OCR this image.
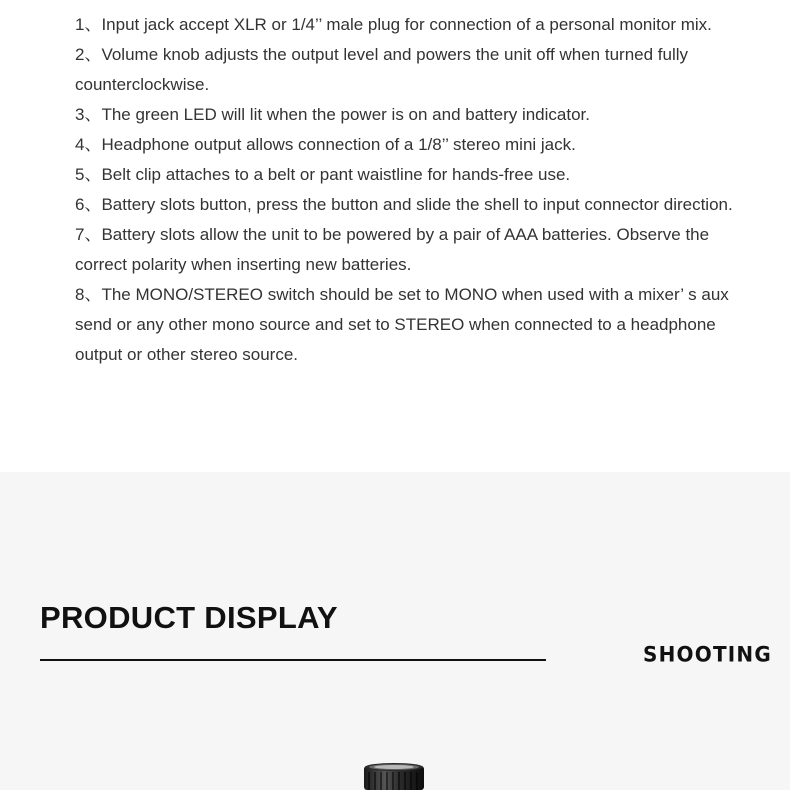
1、Input jack accept XLR or 1/4’’ male plug for connection of a personal monitor mix.
2、Volume knob adjusts the output level and powers the unit off when turned fully counterclockwise.
3、The green LED will lit when the power is on and battery indicator.
4、Headphone output allows connection of a 1/8’’ stereo mini jack.
5、Belt clip attaches to a belt or pant waistline for hands-free use.
6、Battery slots button, press the button and slide the shell to input connector direction.
7、Battery slots allow the unit to be powered by a pair of AAA batteries. Observe the correct polarity when inserting new batteries.
8、The MONO/STEREO switch should be set to MONO when used with a mixer’ s aux send or any other mono source and set to STEREO when connected to a headphone output or other stereo source.
PRODUCT DISPLAY
SHOOTING
